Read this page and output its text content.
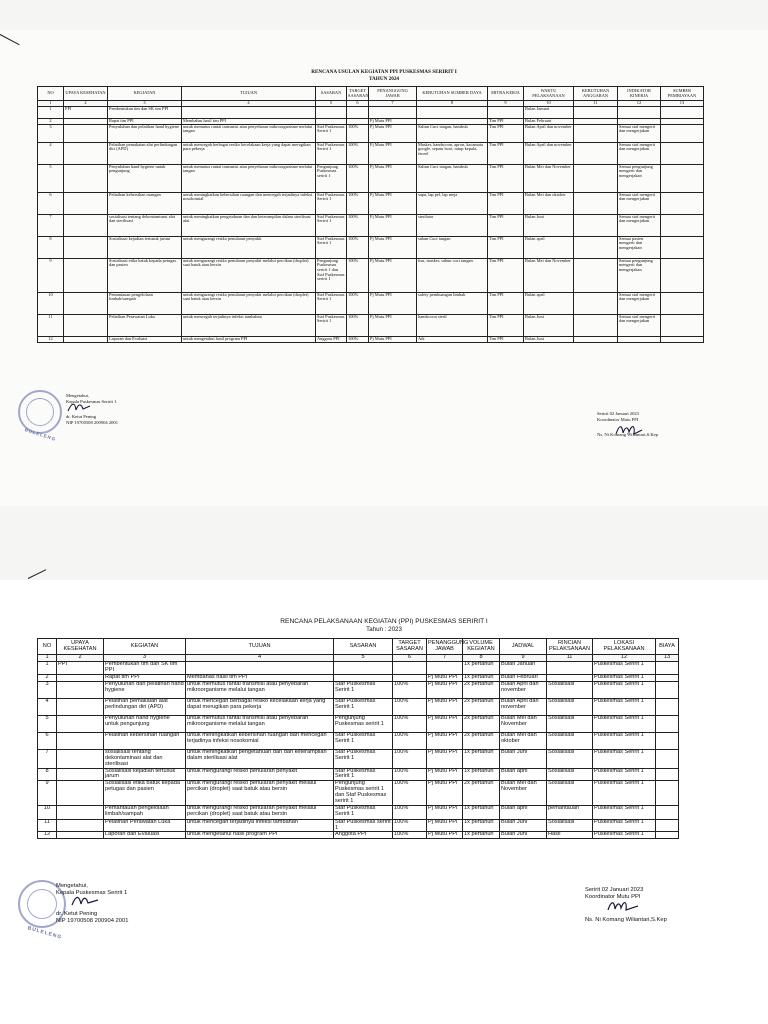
RENCANA USULAN KEGIATAN PPI PUSKESMAS SERIRIT I
TAHUN 2024
NO	UPAYA KESEHATAN	KEGIATAN	TUJUAN	SASARAN	TARGET SASARAN	PENANGGUNG JAWAB	KEBUTUHAN SUMBER DAYA	MITRA KERJA	WAKTU PELAKSANAAN	KEBUTUHAN ANGGARAN	INDIKATOR KINERJA	SUMBER PEMBIAYAAN
1	2	3	4	5	6	7	8	9	10	11	12	13
1	PPI	Pembentukan tim dan SK tim PPI							Bulan Januari			
2		Rapat tim PPI	Membahas hasil tim PPI			Pj Mutu PPI		Tim PPI	Bulan Februari			
3		Penyuluhan dan pelatihan hand hygiene	untuk memutus rantai transmisi atau penyebaran mikroorganisme melalui tangan	Staf Puskesmas Seririt 1	100%	Pj Mutu PPI	Sabun Cuci tangan, handrub	Tim PPI	Bulan April dan november		Semua staf mengerti dan mengerjakan	
4		Pelatihan pemakaian alat perlindungan diri (APD)	untuk mencegah berbagai resiko kecelakaan kerja yang dapat merugikan para pekerja	Staf Puskesmas Seririt 1	100%	Pj Mutu PPI	Masker, handscoon, apron, kacamata google, sepatu boot, tutup kepala, faceel	Tim PPI	Bulan April dan november		Semua staf mengerti dan mengerjakan	
5		Penyuluhan hand hygiene untuk pengunjung	untuk memutus rantai transmisi atau penyebaran mikroorganisme melalui tangan	Pengunjung Puskesmas seririt 1	100%	Pj Mutu PPI	Sabun Cuci tangan, handrub	Tim PPI	Bulan Mei dan November		Semua pengunjung mengerti dan mengerjakan	
6		Pelatihan kebersihan ruangan	untuk meningkatkan kebersihan ruangan dan mencegah terjadinya infeksi nosokomial	Staf Puskesmas Seririt 1	100%	Pj Mutu PPI	sapu, lap pel, lap meja	Tim PPI	Bulan Mei dan oktober		Semua staf mengerti dan mengerjakan	
7		sosialisasi tentang dekontaminasi alat dan sterilisasi	untuk meningkatkan pengetahuan dan dan keterampilan dalam sterilisasi alat	Staf Puskesmas Seririt 1	100%	Pj Mutu PPI	sterilator	Tim PPI	Bulan Juni		Semua staf mengerti dan mengerjakan	
8		Sosialisasi kejadian tertusuk jarum	untuk mengurangi resiko penularan penyakit	Staf Puskesmas Seririt 1	100%	Pj Mutu PPI	sabun Cuci tangan	Tim PPI	Bulan april		Semua pasien mengerti dan mengerjakan	
9		Sosialisasi etika batuk kepada petugas dan pasien	untuk mengurangi resiko penularan penyakit melalui percikan (droplet) saat batuk atau bersin	Pengunjung Puskesmas seririt 1 dan Staf Puskesmas seririt 1	100%	Pj Mutu PPI	tisu, masker, sabun cuci tangan	Tim PPI	Bulan Mei dan November		Semua pengunjung mengerti dan mengerjakan	
10		Pemantauan pengelolaan limbah/sampah	untuk mengurangi resiko penularan penyakit melalui percikan (droplet) saat batuk atau bersin	Staf Puskesmas Seririt 1	100%	Pj Mutu PPI	safety pembuangan limbah	Tim PPI	Bulan april		Semua staf mengerti dan mengerjakan	
11		Pelatihan Perawatan Luka	untuk mencegah terjadinya infeksi tambahan	Staf Puskesmas Seririt 1	100%	Pj Mutu PPI	handscoon steril	Tim PPI	Bulan Juni		Semua staf mengerti dan mengerjakan	
12		Laporan dan Evaluasi	untuk mengetahui hasil program PPI	Anggota PPI	100%	Pj Mutu PPI	Atk	Tim PPI	Bulan Juni			
BULELENG
Mengetahui,
Kepala Puskesmas Seririt 1
dr. Ketut Pening
NIP 19700508 200904 2001
Seririt 02 Januari 2023
Koordinator Mutu PPI
Ns. Ni Komang Wiliantari,S.Kep
RENCANA PELAKSANAAN KEGIATAN (PPI) PUSKESMAS SERIRIT I
Tahun : 2023
NO	UPAYA KESEHATAN	KEGIATAN	TUJUAN	SASARAN	TARGET SASARAN	PENANGGUNG JAWAB	VOLUME KEGIATAN	JADWAL	RINCIAN PELAKSANAAN	LOKASI PELAKSANAAN	BIAYA
1	2	3	4	5	6	7	8	9	11	12	13
1	PPI	Pembentukan tim dan SK tim PPI					1x pertahun	Bulan Januari		Puskesmas Seririt 1	
2		Rapat tim PPI	Membahas hasil tim PPI			Pj Mutu PPI	1x pertahun	Bulan Februari		Puskesmas Seririt 1	
3		Penyuluhan dan pelatihan hand hygiene	untuk memutus rantai transmisi atau penyebaran mikroorganisme melalui tangan	Staf Puskesmas Seririt 1	100%	Pj Mutu PPI	2x pertahun	Bulan April dan november	Sosialisasi	Puskesmas Seririt 1	
4		Pelatihan pemakaian alat perlindungan diri (APD)	untuk mencegah berbagai resiko kecelakaan kerja yang dapat merugikan para pekerja	Staf Puskesmas Seririt 1	100%	Pj Mutu PPI	2x pertahun	Bulan April dan november	Sosialisasi	Puskesmas Seririt 1	
5		Penyuluhan hand hygiene untuk pengunjung	untuk memutus rantai transmisi atau penyebaran mikroorganisme melalui tangan	Pengunjung Puskesmas seririt 1	100%	Pj Mutu PPI	2x pertahun	Bulan Mei dan November	Sosialisasi	Puskesmas Seririt 1	
6		Pelatihan kebersihan ruangan	untuk meningkatkan kebersihan ruangan dan mencegah terjadinya infeksi nosokomial	Staf Puskesmas Seririt 1	100%	Pj Mutu PPI	2x pertahun	Bulan Mei dan oktober	Sosialisasi	Puskesmas Seririt 1	
7		sosialisasi tentang dekontaminasi alat dan sterilisasi	untuk meningkatkan pengetahuan dan dan keterampilan dalam sterilisasi alat	Staf Puskesmas Seririt 1	100%	Pj Mutu PPI	1x pertahun	Bulan Juni	Sosialisasi	Puskesmas Seririt 1	
8		Sosialisasi kejadian tertusuk jarum	untuk mengurangi resiko penularan penyakit	Staf Puskesmas Seririt 1	100%	Pj Mutu PPI	1x pertahun	Bulan april	Sosialisasi	Puskesmas Seririt 1	
9		Sosialisasi etika batuk kepada petugas dan pasien	untuk mengurangi resiko penularan penyakit melalui percikan (droplet) saat batuk atau bersin	Pengunjung Puskesmas seririt 1 dan Staf Puskesmas seririt 1	100%	Pj Mutu PPI	2x pertahun	Bulan Mei dan November	Sosialisasi	Puskesmas Seririt 1	
10		Pemantauan pengelolaan limbah/sampah	untuk mengurangi resiko penularan penyakit melalui percikan (droplet) saat batuk atau bersin	Staf Puskesmas Seririt 1	100%	Pj Mutu PPI	1x pertahun	Bulan april	pemantauan	Puskesmas Seririt 1	
11		Pelatihan Perawatan Luka	untuk mencegah terjadinya infeksi tambahan	Staf Puskesmas seririt 1	100%	Pj Mutu PPI	1x pertahun	Bulan Juni	Sosialisasi	Puskesmas Seririt 1	
12		Laporan dan Evaluasi	untuk mengetahui hasil program PPI	Anggota PPI	100%	Pj Mutu PPI	1x pertahun	Bulan Juni	Hasil	Puskesmas Seririt 1	
BULELENG
Mengetahui,
Kepala Puskesmas Seririt 1
dr. Ketut Pening
NIP 19700508 200904 2001
Seririt 02 Januari 2023
Koordinator Mutu PPI
Ns. Ni Komang Wiliantari,S.Kep
